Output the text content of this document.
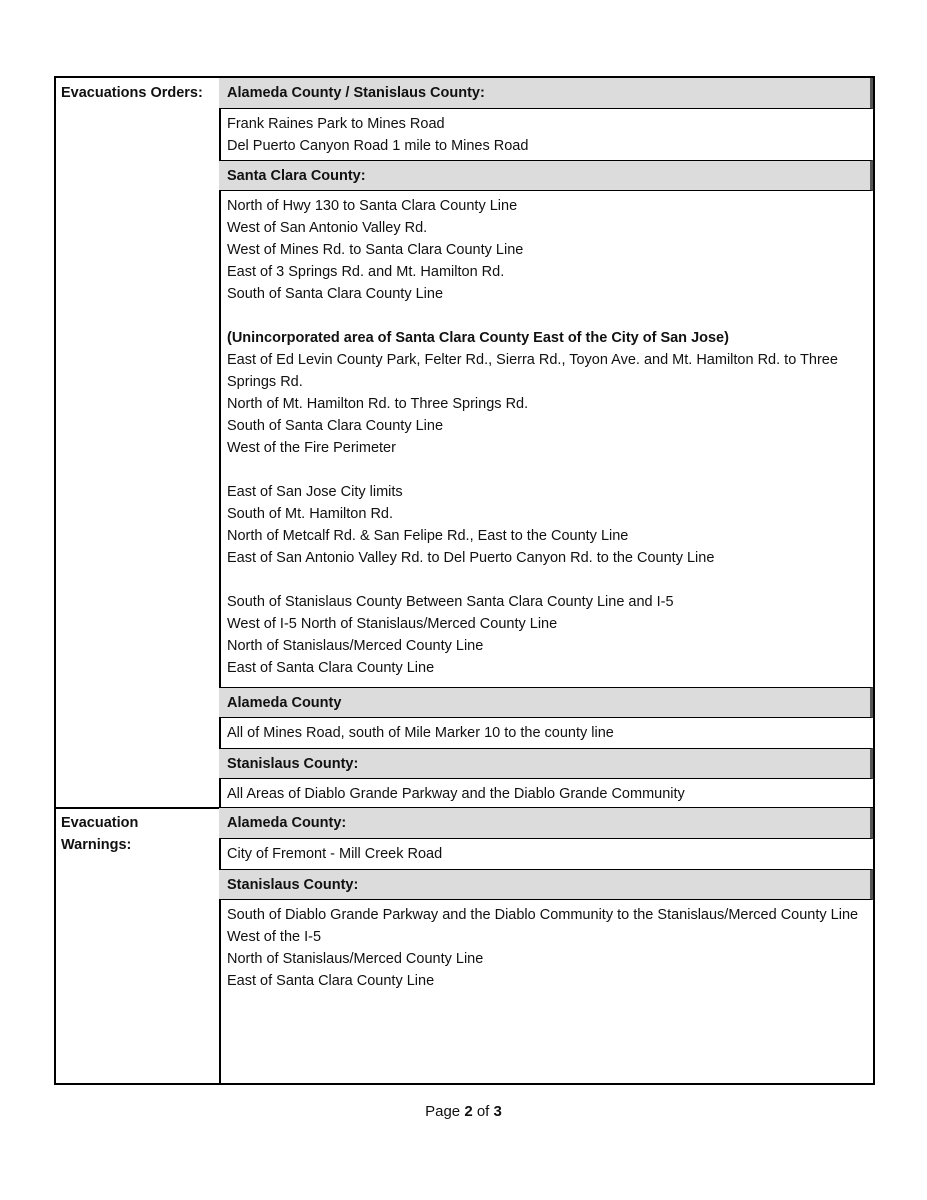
Evacuations Orders:
Evacuation
Warnings:
Alameda County / Stanislaus County:
Frank Raines Park to Mines Road
Del Puerto Canyon Road 1 mile to Mines Road
Santa Clara County:
North of Hwy 130 to Santa Clara County Line
West of San Antonio Valley Rd.
West of Mines Rd. to Santa Clara County Line
East of 3 Springs Rd. and Mt. Hamilton Rd.
South of Santa Clara County Line
(Unincorporated area of Santa Clara County East of the City of San Jose)
East of Ed Levin County Park, Felter Rd., Sierra Rd., Toyon Ave. and Mt. Hamilton Rd. to Three Springs Rd.
North of Mt. Hamilton Rd. to Three Springs Rd.
South of Santa Clara County Line
West of the Fire Perimeter
East of San Jose City limits
South of Mt. Hamilton Rd.
North of Metcalf Rd. & San Felipe Rd., East to the County Line
East of San Antonio Valley Rd. to Del Puerto Canyon Rd. to the County Line
South of Stanislaus County Between Santa Clara County Line and I-5
West of I-5 North of Stanislaus/Merced County Line
North of Stanislaus/Merced County Line
East of Santa Clara County Line
Alameda County
All of Mines Road, south of Mile Marker 10 to the county line
Stanislaus County:
All Areas of Diablo Grande Parkway and the Diablo Grande Community
Alameda County:
City of Fremont - Mill Creek Road
Stanislaus County:
South of Diablo Grande Parkway and the Diablo Community to the Stanislaus/Merced County Line
West of the I-5
North of Stanislaus/Merced County Line
East of Santa Clara County Line
Page 2 of 3
